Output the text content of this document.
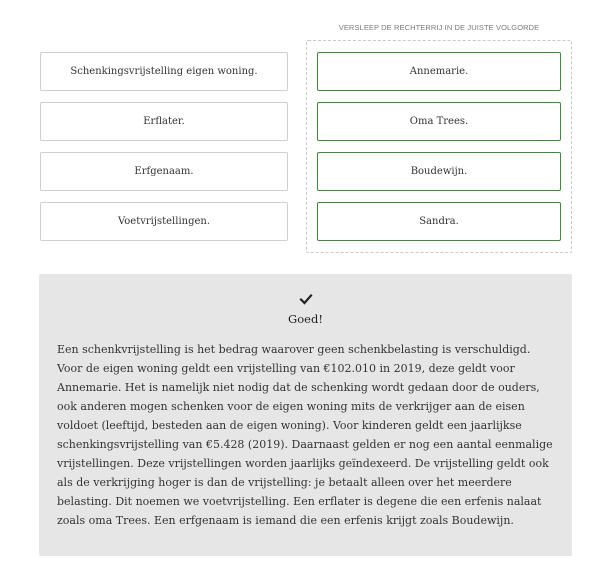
VERSLEEP DE RECHTERRIJ IN DE JUISTE VOLGORDE
Schenkingsvrijstelling eigen woning.
Erflater.
Erfgenaam.
Voetvrijstellingen.
Annemarie.
Oma Trees.
Boudewijn.
Sandra.
Goed!
Een schenkvrijstelling is het bedrag waarover geen schenkbelasting is verschuldigd. Voor de eigen woning geldt een vrijstelling van €102.010 in 2019, deze geldt voor Annemarie. Het is namelijk niet nodig dat de schenking wordt gedaan door de ouders, ook anderen mogen schenken voor de eigen woning mits de verkrijger aan de eisen voldoet (leeftijd, besteden aan de eigen woning). Voor kinderen geldt een jaarlijkse schenkingsvrijstelling van €5.428 (2019). Daarnaast gelden er nog een aantal eenmalige vrijstellingen. Deze vrijstellingen worden jaarlijks geïndexeerd. De vrijstelling geldt ook als de verkrijging hoger is dan de vrijstelling: je betaalt alleen over het meerdere belasting. Dit noemen we voetvrijstelling. Een erflater is degene die een erfenis nalaat zoals oma Trees. Een erfgenaam is iemand die een erfenis krijgt zoals Boudewijn.
